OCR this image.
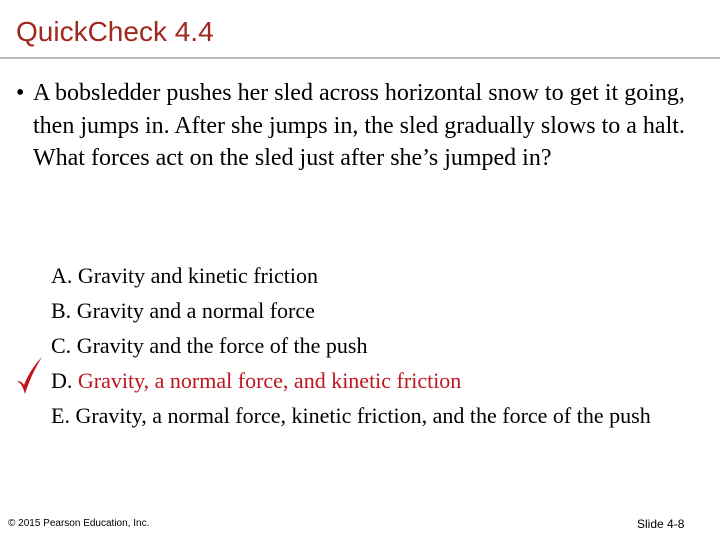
QuickCheck 4.4
• A bobsledder pushes her sled across horizontal snow to get it going, then jumps in. After she jumps in, the sled gradually slows to a halt. What forces act on the sled just after she’s jumped in?
A. Gravity and kinetic friction
B. Gravity and a normal force
C. Gravity and the force of the push
D. Gravity, a normal force, and kinetic friction
E. Gravity, a normal force, kinetic friction, and the force of the push
© 2015 Pearson Education, Inc.	Slide 4-8
